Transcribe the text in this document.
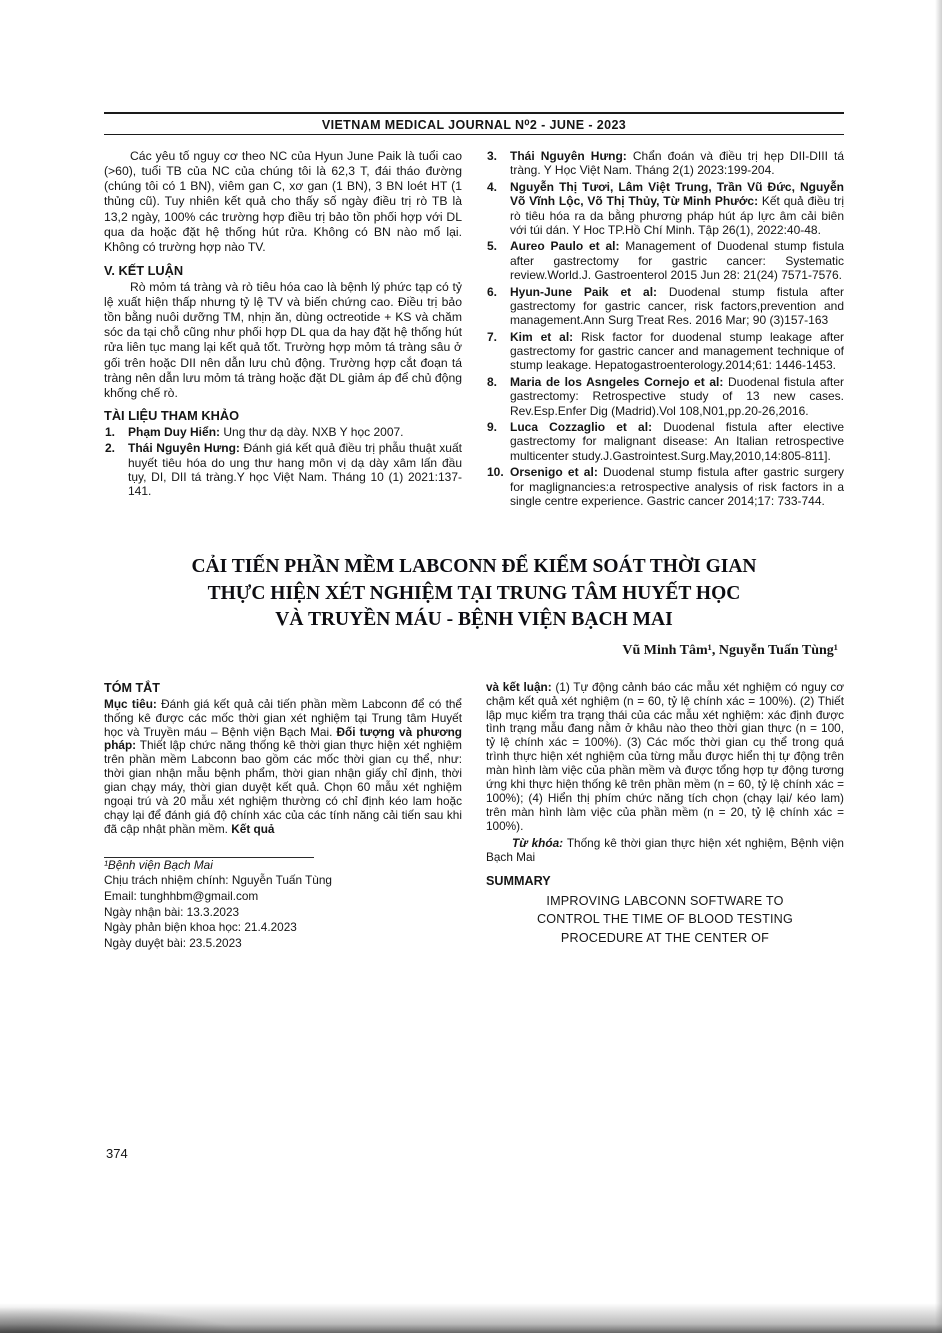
VIETNAM MEDICAL JOURNAL N⁰2 - JUNE - 2023

Các yêu tố nguy cơ theo NC của Hyun June Paik là tuổi cao (>60), tuổi TB của NC của chúng tôi là 62,3 T, đái tháo đường (chúng tôi có 1 BN), viêm gan C, xơ gan (1 BN), 3 BN loét HT (1 thủng cũ). Tuy nhiên kết quả cho thấy số ngày điều trị rò TB là 13,2 ngày, 100% các trường hợp điều trị bảo tồn phối hợp với DL qua da hoặc đặt hệ thống hút rửa. Không có BN nào mổ lại. Không có trường hợp nào TV.

V. KẾT LUẬN

Rò mỏm tá tràng và rò tiêu hóa cao là bệnh lý phức tạp có tỷ lệ xuất hiện thấp nhưng tỷ lệ TV và biến chứng cao. Điều trị bảo tồn bằng nuôi dưỡng TM, nhịn ăn, dùng octreotide + KS và chăm sóc da tại chỗ cũng như phối hợp DL qua da hay đặt hệ thống hút rửa liên tục mang lại kết quả tốt. Trường hợp mỏm tá tràng sâu ở gối trên hoặc DII nên dẫn lưu chủ động. Trường hợp cắt đoạn tá tràng nên dẫn lưu mỏm tá tràng hoặc đặt DL giảm áp để chủ động khống chế rò.

TÀI LIỆU THAM KHẢO
1. Phạm Duy Hiển: Ung thư dạ dày. NXB Y học 2007.
2. Thái Nguyên Hưng: Đánh giá kết quả điều trị phẫu thuật xuất huyết tiêu hóa do ung thư hang môn vị dạ dày xâm lấn đầu tụy, DI, DII tá tràng.Y học Việt Nam. Tháng 10 (1) 2021:137-141.
3. Thái Nguyên Hưng: Chẩn đoán và điều trị hẹp DII-DIII tá tràng. Y Học Việt Nam. Tháng 2(1) 2023:199-204.
4. Nguyễn Thị Tươi, Lâm Việt Trung, Trần Vũ Đức, Nguyễn Võ Vĩnh Lộc, Võ Thị Thủy, Từ Minh Phước: Kết quả điều trị rò tiêu hóa ra da bằng phương pháp hút áp lực âm cải biên với túi dán. Y Hoc TP.Hồ Chí Minh. Tập 26(1), 2022:40-48.
5. Aureo Paulo et al: Management of Duodenal stump fistula after gastrectomy for gastric cancer: Systematic review.World.J. Gastroenterol 2015 Jun 28: 21(24) 7571-7576.
6. Hyun-June Paik et al: Duodenal stump fistula after gastrectomy for gastric cancer, risk factors,prevention and management.Ann Surg Treat Res. 2016 Mar; 90 (3)157-163
7. Kim et al: Risk factor for duodenal stump leakage after gastrectomy for gastric cancer and management technique of stump leakage. Hepatogastroenterology.2014;61: 1446-1453.
8. Maria de los Asngeles Cornejo et al: Duodenal fistula after gastrectomy: Retrospective study of 13 new cases. Rev.Esp.Enfer Dig (Madrid).Vol 108,N01,pp.20-26,2016.
9. Luca Cozzaglio et al: Duodenal fistula after elective gastrectomy for malignant disease: An Italian retrospective multicenter study.J.Gastrointest.Surg.May,2010,14:805-811].
10. Orsenigo et al: Duodenal stump fistula after gastric surgery for maglignancies:a retrospective analysis of risk factors in a single centre experience. Gastric cancer 2014;17: 733-744.
CẢI TIẾN PHẦN MỀM LABCONN ĐỂ KIỂM SOÁT THỜI GIAN
THỰC HIỆN XÉT NGHIỆM TẠI TRUNG TÂM HUYẾT HỌC
VÀ TRUYỀN MÁU - BỆNH VIỆN BẠCH MAI
Vũ Minh Tâm¹, Nguyễn Tuấn Tùng¹
TÓM TẮT

Mục tiêu: Đánh giá kết quả cải tiến phần mềm Labconn để có thể thống kê được các mốc thời gian xét nghiệm tại Trung tâm Huyết học và Truyền máu – Bệnh viện Bạch Mai. Đối tượng và phương pháp: Thiết lập chức năng thống kê thời gian thực hiện xét nghiệm trên phần mềm Labconn bao gồm các mốc thời gian cụ thể, như: thời gian nhận mẫu bệnh phẩm, thời gian nhận giấy chỉ định, thời gian chạy máy, thời gian duyệt kết quả. Chọn 60 mẫu xét nghiệm ngoại trú và 20 mẫu xét nghiệm thường có chỉ định kéo lam hoặc chạy lại để đánh giá độ chính xác của các tính năng cải tiến sau khi đã cập nhật phần mềm. Kết quả

¹Bệnh viện Bạch Mai
Chịu trách nhiệm chính: Nguyễn Tuấn Tùng
Email: tunghhbm@gmail.com
Ngày nhận bài: 13.3.2023
Ngày phản biện khoa học: 21.4.2023
Ngày duyệt bài: 23.5.2023

và kết luận: (1) Tự động cảnh báo các mẫu xét nghiệm có nguy cơ chậm kết quả xét nghiệm (n = 60, tỷ lệ chính xác = 100%). (2) Thiết lập mục kiểm tra trạng thái của các mẫu xét nghiệm: xác định được tình trạng mẫu đang nằm ở khâu nào theo thời gian thực (n = 100, tỷ lệ chính xác = 100%). (3) Các mốc thời gian cụ thể trong quá trình thực hiện xét nghiệm của từng mẫu được hiển thị tự động trên màn hình làm việc của phần mềm và được tổng hợp tự động tương ứng khi thực hiện thống kê trên phần mềm (n = 60, tỷ lệ chính xác = 100%); (4) Hiển thị phím chức năng tích chọn (chạy lại/ kéo lam) trên màn hình làm việc của phần mềm (n = 20, tỷ lệ chính xác = 100%).

Từ khóa: Thống kê thời gian thực hiện xét nghiệm, Bệnh viện Bạch Mai

SUMMARY
IMPROVING LABCONN SOFTWARE TO
CONTROL THE TIME OF BLOOD TESTING
PROCEDURE AT THE CENTER OF
374
